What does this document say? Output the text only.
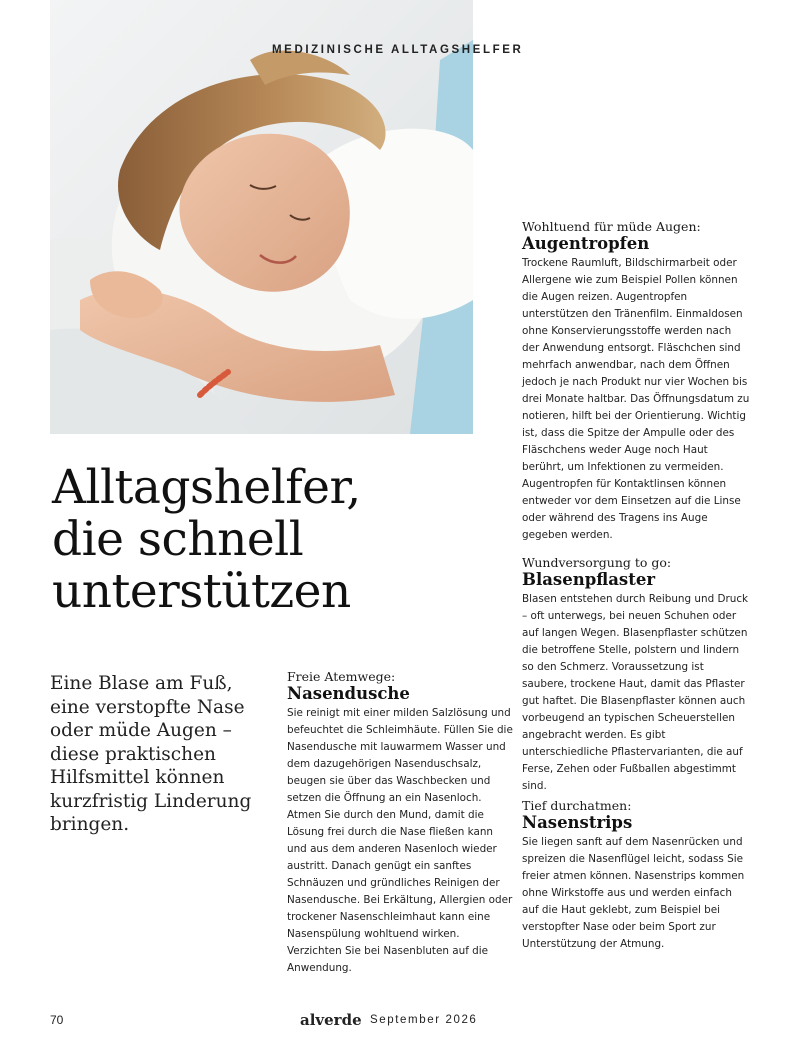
MEDIZINISCHE ALLTAGSHELFER
Alltagshelfer,
die schnell
unterstützen

Eine Blase am Fuß, eine verstopfte Nase oder müde Augen – diese praktischen Hilfsmittel können kurzfristig Linderung bringen.

Freie Atemwege:

Nasendusche

Sie reinigt mit einer milden Salzlösung und befeuchtet die Schleimhäute. Füllen Sie die Nasendusche mit lauwarmem Wasser und dem dazugehörigen Nasenduschsalz, beugen sie über das Waschbecken und setzen die Öffnung an ein Nasenloch. Atmen Sie durch den Mund, damit die Lösung frei durch die Nase fließen kann und aus dem anderen Nasenloch wieder austritt. Danach genügt ein sanftes Schnäuzen und gründliches Reinigen der Nasendusche. Bei Erkältung, Allergien oder trockener Nasenschleimhaut kann eine Nasenspülung wohltuend wirken. Verzichten Sie bei Nasenbluten auf die Anwendung.

Wohltuend für müde Augen:

Augentropfen

Trockene Raumluft, Bildschirmarbeit oder Allergene wie zum Beispiel Pollen können die Augen reizen. Augentropfen unterstützen den Tränenfilm. Einmaldosen ohne Konservierungsstoffe werden nach der Anwendung entsorgt. Fläschchen sind mehrfach anwendbar, nach dem Öffnen jedoch je nach Produkt nur vier Wochen bis drei Monate haltbar. Das Öffnungsdatum zu notieren, hilft bei der Orientierung. Wichtig ist, dass die Spitze der Ampulle oder des Fläschchens weder Auge noch Haut berührt, um Infektionen zu vermeiden. Augentropfen für Kontaktlinsen können entweder vor dem Einsetzen auf die Linse oder während des Tragens ins Auge gegeben werden.

Wundversorgung to go:

Blasenpflaster

Blasen entstehen durch Reibung und Druck – oft unterwegs, bei neuen Schuhen oder auf langen Wegen. Blasenpflaster schützen die betroffene Stelle, polstern und lindern so den Schmerz. Voraussetzung ist saubere, trockene Haut, damit das Pflaster gut haftet. Die Blasenpflaster können auch vorbeugend an typischen Scheuerstellen angebracht werden. Es gibt unterschiedliche Pflastervarianten, die auf Ferse, Zehen oder Fußballen abgestimmt sind.

Tief durchatmen:

Nasenstrips

Sie liegen sanft auf dem Nasenrücken und spreizen die Nasenflügel leicht, sodass Sie freier atmen können. Nasenstrips kommen ohne Wirkstoffe aus und werden einfach auf die Haut geklebt, zum Beispiel bei verstopfter Nase oder beim Sport zur Unterstützung der Atmung.

70	alverde September 2026
